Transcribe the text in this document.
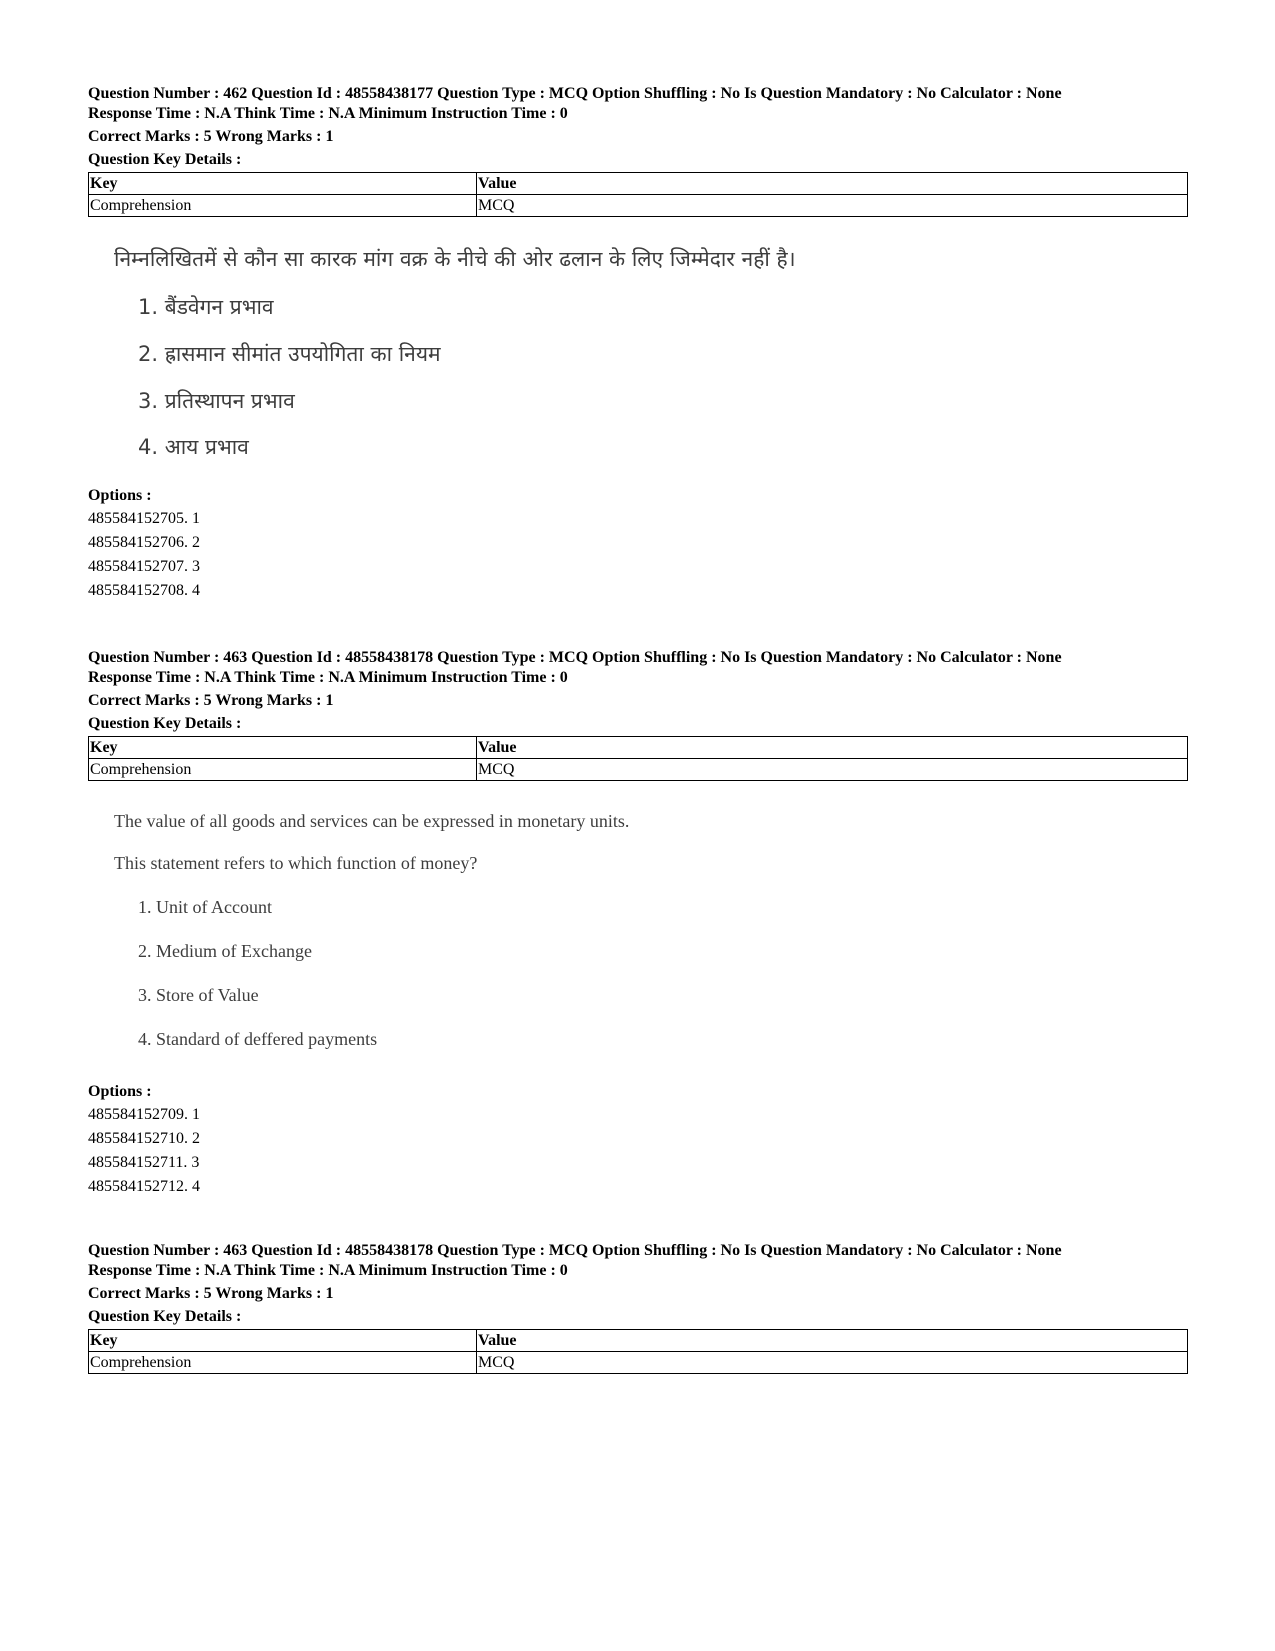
Question Number : 462 Question Id : 48558438177 Question Type : MCQ Option Shuffling : No Is Question Mandatory : No Calculator : None

Response Time : N.A Think Time : N.A Minimum Instruction Time : 0

Correct Marks : 5 Wrong Marks : 1

Question Key Details :

Key	Value
Comprehension	MCQ

निम्नलिखितमें से कौन सा कारक मांग वक्र के नीचे की ओर ढलान के लिए जिम्मेदार नहीं है।

1. बैंडवेगन प्रभाव

2. ह्रासमान सीमांत उपयोगिता का नियम

3. प्रतिस्थापन प्रभाव

4. आय प्रभाव

Options :

485584152705. 1

485584152706. 2

485584152707. 3

485584152708. 4

Question Number : 463 Question Id : 48558438178 Question Type : MCQ Option Shuffling : No Is Question Mandatory : No Calculator : None

Response Time : N.A Think Time : N.A Minimum Instruction Time : 0

Correct Marks : 5 Wrong Marks : 1

Question Key Details :

Key	Value
Comprehension	MCQ

The value of all goods and services can be expressed in monetary units.

This statement refers to which function of money?

1. Unit of Account

2. Medium of Exchange

3. Store of Value

4. Standard of deffered payments

Options :

485584152709. 1

485584152710. 2

485584152711. 3

485584152712. 4

Question Number : 463 Question Id : 48558438178 Question Type : MCQ Option Shuffling : No Is Question Mandatory : No Calculator : None

Response Time : N.A Think Time : N.A Minimum Instruction Time : 0

Correct Marks : 5 Wrong Marks : 1

Question Key Details :

Key	Value
Comprehension	MCQ
